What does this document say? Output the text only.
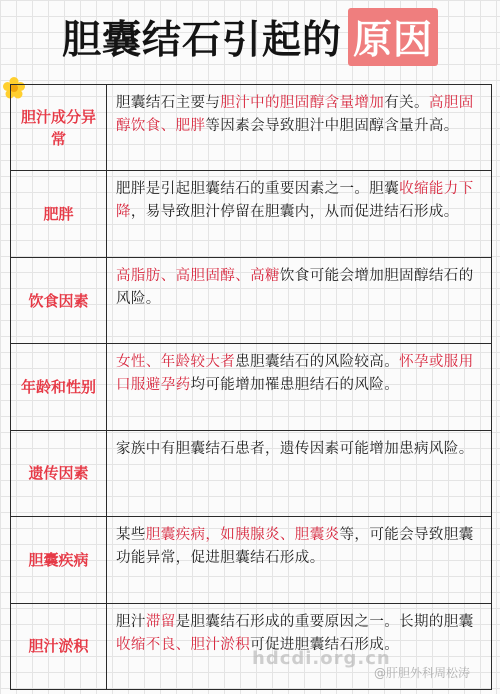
胆囊结石引起的 原因
胆汁成分异常
胆囊结石主要与胆汁中的胆固醇含量增加有关。高胆固醇饮食、肥胖等因素会导致胆汁中胆固醇含量升高。
肥胖
肥胖是引起胆囊结石的重要因素之一。胆囊收缩能力下降，易导致胆汁停留在胆囊内，从而促进结石形成。
饮食因素
高脂肪、高胆固醇、高糖饮食可能会增加胆固醇结石的风险。
年龄和性别
女性、年龄较大者患胆囊结石的风险较高。怀孕或服用口服避孕药均可能增加罹患胆结石的风险。
遗传因素
家族中有胆囊结石患者，遗传因素可能增加患病风险。
胆囊疾病
某些胆囊疾病，如胰腺炎、胆囊炎等，可能会导致胆囊功能异常，促进胆囊结石形成。
胆汁淤积
胆汁滞留是胆囊结石形成的重要原因之一。长期的胆囊收缩不良、胆汁淤积可促进胆囊结石形成。
hdcdi.org.cn
@肝胆外科周松涛
